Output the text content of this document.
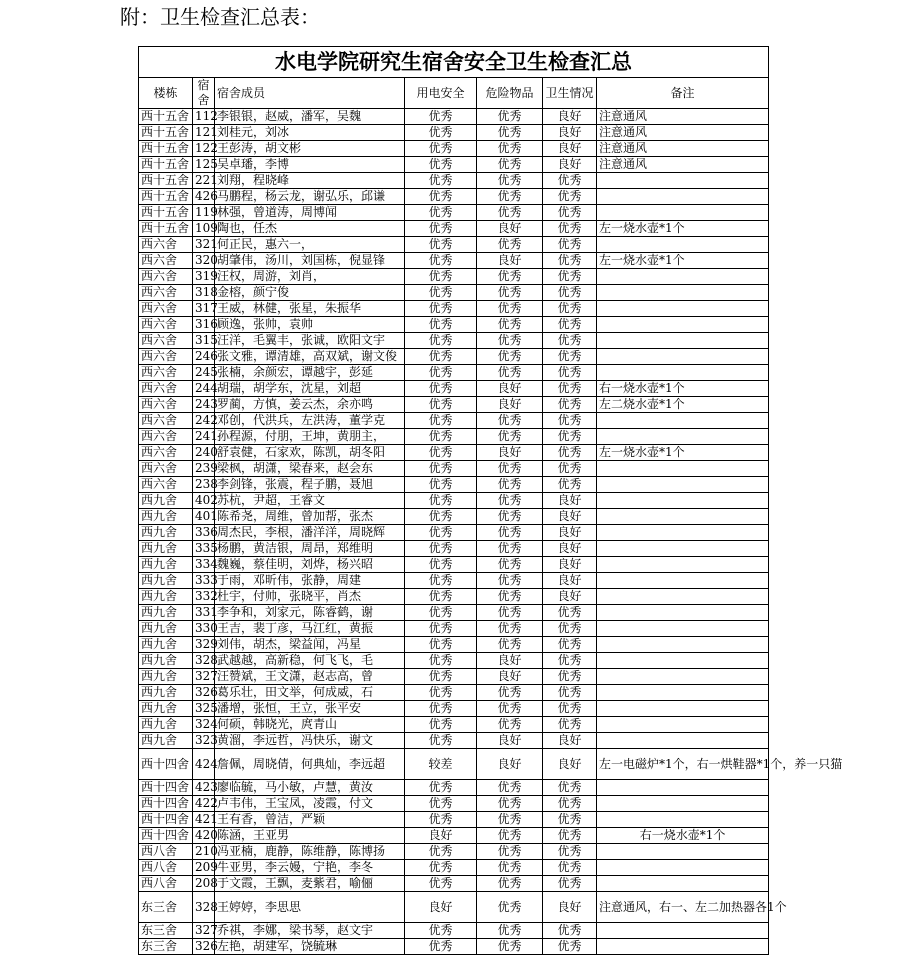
附：卫生检查汇总表：
水电学院研究生宿舍安全卫生检查汇总						
楼栋	宿舍	宿舍成员	用电安全	危险物品	卫生情况	备注
西十五舍	112	李银银，赵威，潘军，吴魏	优秀	优秀	良好	注意通风
西十五舍	121	刘桂元，刘冰	优秀	优秀	良好	注意通风
西十五舍	122	王彭涛，胡文彬	优秀	优秀	良好	注意通风
西十五舍	125	吴卓璠，李博	优秀	优秀	良好	注意通风
西十五舍	221	刘翔，程晓峰	优秀	优秀	优秀	
西十五舍	426	马鹏程，杨云龙，谢弘乐，邱谦	优秀	优秀	优秀	
西十五舍	119	林强，曾道涛，周博闻	优秀	优秀	优秀	
西十五舍	109	陶也，任杰	优秀	良好	优秀	左一烧水壶*1个
西六舍	321	何正民，惠六一，	优秀	优秀	优秀	
西六舍	320	胡肇伟，汤川，刘国栋，倪显锋	优秀	良好	优秀	左一烧水壶*1个
西六舍	319	汪权，周游，刘肖，	优秀	优秀	优秀	
西六舍	318	金榕，颜宁俊	优秀	优秀	优秀	
西六舍	317	王威，林健，张星，朱振华	优秀	优秀	优秀	
西六舍	316	顾逸，张帅，袁帅	优秀	优秀	优秀	
西六舍	315	汪洋，毛翼丰，张诚，欧阳文宇	优秀	优秀	优秀	
西六舍	246	张文雅，谭清雄，高双斌，谢文俊	优秀	优秀	优秀	
西六舍	245	张楠，余颜宏，谭越宇，彭延	优秀	优秀	优秀	
西六舍	244	胡瑞，胡学东，沈星，刘超	优秀	良好	优秀	右一烧水壶*1个
西六舍	243	罗蔺，方慎，姜云杰，余亦鸣	优秀	良好	优秀	左二烧水壶*1个
西六舍	242	邓创，代洪兵，左洪涛，董学克	优秀	优秀	优秀	
西六舍	241	孙程源，付朋，王坤，黄朋主，	优秀	优秀	优秀	
西六舍	240	舒袁健，石家欢，陈凯，胡冬阳	优秀	良好	优秀	左一烧水壶*1个
西六舍	239	梁枫，胡潇，梁春来，赵会东	优秀	优秀	优秀	
西六舍	238	李剑锋，张震，程子鹏，聂旭	优秀	优秀	优秀	
西九舍	402	苏杭，尹超，王睿文	优秀	优秀	良好	
西九舍	401	陈希尧，周维，曾加帮，张杰	优秀	优秀	良好	
西九舍	336	周杰民，李根，潘洋洋，周晓辉	优秀	优秀	良好	
西九舍	335	杨鹏，黄洁银，周昂，郑维明	优秀	优秀	良好	
西九舍	334	魏巍，蔡佳明，刘烨，杨兴昭	优秀	优秀	良好	
西九舍	333	于雨，邓昕伟，张静，周建	优秀	优秀	良好	
西九舍	332	杜宇，付帅，张晓平，肖杰	优秀	优秀	良好	
西九舍	331	李争和，刘家元，陈睿鹤，谢	优秀	优秀	优秀	
西九舍	330	王吉，裴丁彦，马江红，黄振	优秀	优秀	优秀	
西九舍	329	刘伟，胡杰，梁益闻，冯星	优秀	优秀	优秀	
西九舍	328	武越越，高新稳，何飞飞，毛	优秀	良好	优秀	
西九舍	327	汪赞斌，王文潇，赵志高，曾	优秀	良好	优秀	
西九舍	326	葛乐壮，田文举，何成威，石	优秀	优秀	优秀	
西九舍	325	潘增，张恒，王立，张平安	优秀	优秀	优秀	
西九舍	324	何硕，韩晓光，庹青山	优秀	优秀	优秀	
西九舍	323	黄溜，李远哲，冯快乐，谢文	优秀	良好	良好	
西十四舍	424	詹佩，周晓倩，何典灿，李远超	较差	良好	良好	左一电磁炉*1个，右一烘鞋器*1个，养一只猫
西十四舍	423	廖临毓，马小敏，卢慧，黄汝	优秀	优秀	优秀	
西十四舍	422	卢韦伟，王宝凤，凌霞，付文	优秀	优秀	优秀	
西十四舍	421	王有香，曾洁，严颖	优秀	优秀	优秀	
西十四舍	420	陈涵，王亚男	良好	优秀	优秀	右一烧水壶*1个
西八舍	210	冯亚楠，鹿静，陈维静，陈博扬	优秀	优秀	优秀	
西八舍	209	牛亚男，李云嫚，宁艳，李冬	优秀	优秀	优秀	
西八舍	208	于文霞，王飘，麦紫君，喻俪	优秀	优秀	优秀	
东三舍	328	王婷婷，李思思	良好	优秀	良好	注意通风，右一、左二加热器各1个
东三舍	327	乔祺，李娜，梁书琴，赵文宇	优秀	优秀	优秀	
东三舍	326	左艳，胡建军，饶毓琳	优秀	优秀	优秀	
